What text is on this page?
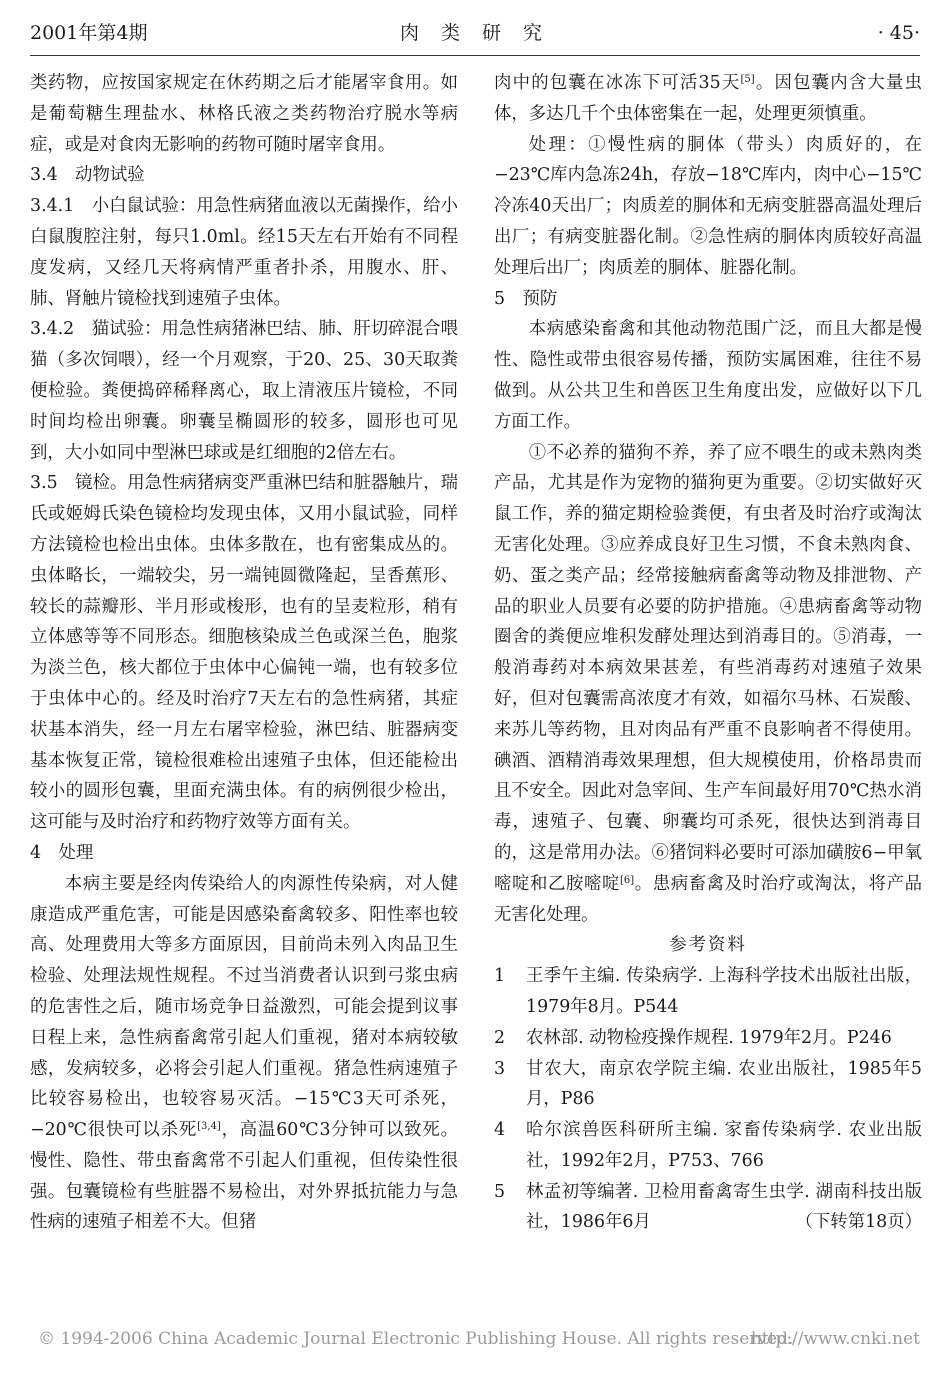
2001年第4期	肉 类 研 究	· 45·

类药物，应按国家规定在休药期之后才能屠宰食用。如是葡萄糖生理盐水、林格氏液之类药物治疗脱水等病症，或是对食肉无影响的药物可随时屠宰食用。

3.4　动物试验

3.4.1　小白鼠试验：用急性病猪血液以无菌操作，给小白鼠腹腔注射，每只1.0ml。经15天左右开始有不同程度发病，又经几天将病情严重者扑杀，用腹水、肝、肺、肾触片镜检找到速殖子虫体。

3.4.2　猫试验：用急性病猪淋巴结、肺、肝切碎混合喂猫（多次饲喂），经一个月观察，于20、25、30天取粪便检验。粪便捣碎稀释离心，取上清液压片镜检，不同时间均检出卵囊。卵囊呈椭圆形的较多，圆形也可见到，大小如同中型淋巴球或是红细胞的2倍左右。

3.5　镜检。用急性病猪病变严重淋巴结和脏器触片，瑞氏或姬姆氏染色镜检均发现虫体，又用小鼠试验，同样方法镜检也检出虫体。虫体多散在，也有密集成丛的。虫体略长，一端较尖，另一端钝圆微隆起，呈香蕉形、较长的蒜瓣形、半月形或梭形，也有的呈麦粒形，稍有立体感等等不同形态。细胞核染成兰色或深兰色，胞浆为淡兰色，核大都位于虫体中心偏钝一端，也有较多位于虫体中心的。经及时治疗7天左右的急性病猪，其症状基本消失，经一月左右屠宰检验，淋巴结、脏器病变基本恢复正常，镜检很难检出速殖子虫体，但还能检出较小的圆形包囊，里面充满虫体。有的病例很少检出，这可能与及时治疗和药物疗效等方面有关。

4　处理

本病主要是经肉传染给人的肉源性传染病，对人健康造成严重危害，可能是因感染畜禽较多、阳性率也较高、处理费用大等多方面原因，目前尚未列入肉品卫生检验、处理法规性规程。不过当消费者认识到弓浆虫病的危害性之后，随市场竞争日益激烈，可能会提到议事日程上来，急性病畜禽常引起人们重视，猪对本病较敏感，发病较多，必将会引起人们重视。猪急性病速殖子比较容易检出，也较容易灭活。−15℃3天可杀死，−20℃很快可以杀死[3,4]，高温60℃3分钟可以致死。慢性、隐性、带虫畜禽常不引起人们重视，但传染性很强。包囊镜检有些脏器不易检出，对外界抵抗能力与急性病的速殖子相差不大。但猪

肉中的包囊在冰冻下可活35天[5]。因包囊内含大量虫体，多达几千个虫体密集在一起，处理更须慎重。

处理：①慢性病的胴体（带头）肉质好的，在−23℃库内急冻24h，存放−18℃库内，肉中心−15℃冷冻40天出厂；肉质差的胴体和无病变脏器高温处理后出厂；有病变脏器化制。②急性病的胴体肉质较好高温处理后出厂；肉质差的胴体、脏器化制。

5　预防

本病感染畜禽和其他动物范围广泛，而且大都是慢性、隐性或带虫很容易传播，预防实属困难，往往不易做到。从公共卫生和兽医卫生角度出发，应做好以下几方面工作。

①不必养的猫狗不养，养了应不喂生的或未熟肉类产品，尤其是作为宠物的猫狗更为重要。②切实做好灭鼠工作，养的猫定期检验粪便，有虫者及时治疗或淘汰无害化处理。③应养成良好卫生习惯，不食未熟肉食、奶、蛋之类产品；经常接触病畜禽等动物及排泄物、产品的职业人员要有必要的防护措施。④患病畜禽等动物圈舍的粪便应堆积发酵处理达到消毒目的。⑤消毒，一般消毒药对本病效果甚差，有些消毒药对速殖子效果好，但对包囊需高浓度才有效，如福尔马林、石炭酸、来苏儿等药物，且对肉品有严重不良影响者不得使用。碘酒、酒精消毒效果理想，但大规模使用，价格昂贵而且不安全。因此对急宰间、生产车间最好用70℃热水消毒，速殖子、包囊、卵囊均可杀死，很快达到消毒目的，这是常用办法。⑥猪饲料必要时可添加磺胺6−甲氧嘧啶和乙胺嘧啶[6]。患病畜禽及时治疗或淘汰，将产品无害化处理。

参考资料

1	王季午主编. 传染病学. 上海科学技术出版社出版，1979年8月。P544
2	农林部. 动物检疫操作规程. 1979年2月。P246
3	甘农大，南京农学院主编. 农业出版社，1985年5月，P86
4	哈尔滨兽医科研所主编. 家畜传染病学. 农业出版社，1992年2月，P753、766
5	林孟初等编著. 卫检用畜禽寄生虫学. 湖南科技出版社，1986年6月	（下转第18页）
© 1994-2006 China Academic Journal Electronic Publishing House. All rights reserved.
http://www.cnki.net
